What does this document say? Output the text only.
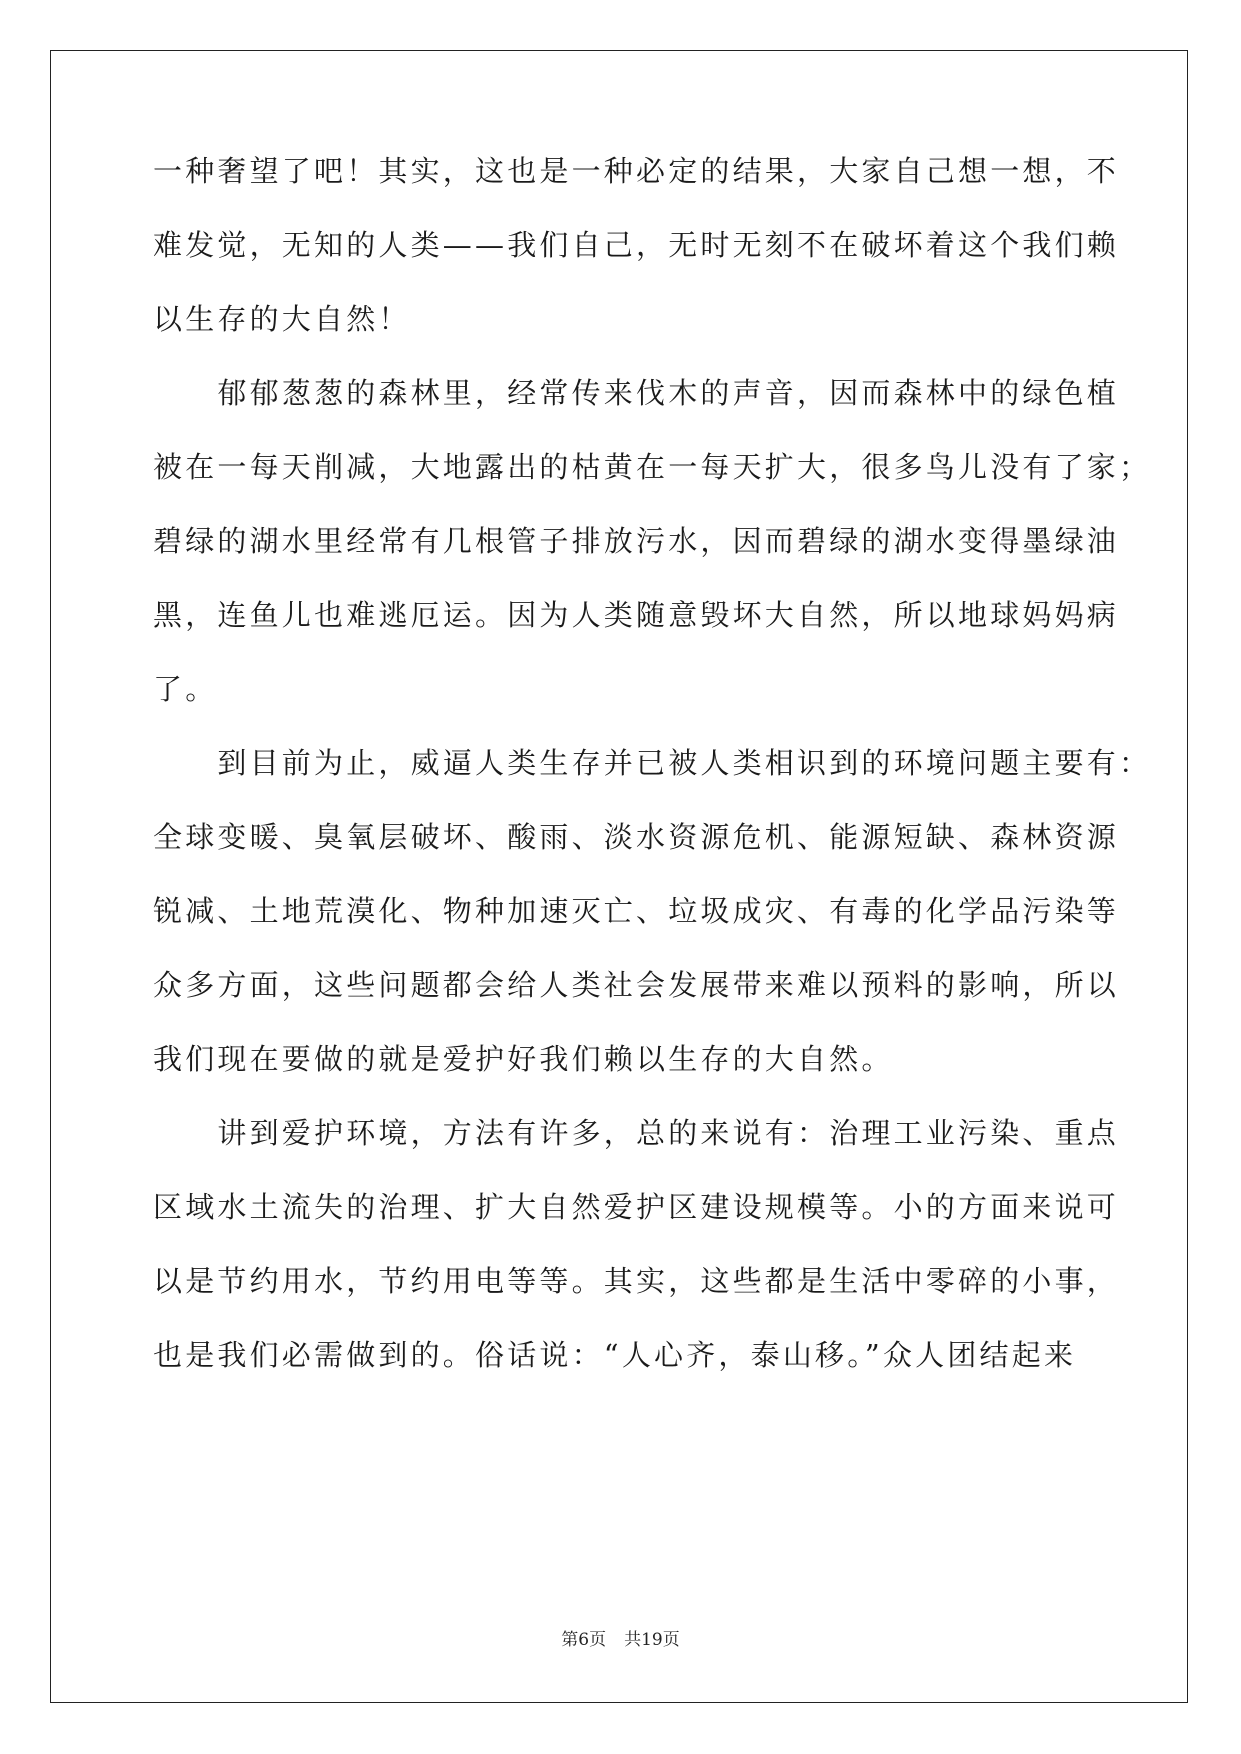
一种奢望了吧！其实，这也是一种必定的结果，大家自己想一想，不
难发觉，无知的人类——我们自己，无时无刻不在破坏着这个我们赖
以生存的大自然！
　　郁郁葱葱的森林里，经常传来伐木的声音，因而森林中的绿色植
被在一每天削减，大地露出的枯黄在一每天扩大，很多鸟儿没有了家；
碧绿的湖水里经常有几根管子排放污水，因而碧绿的湖水变得墨绿油
黑，连鱼儿也难逃厄运。因为人类随意毁坏大自然，所以地球妈妈病
了。
　　到目前为止，威逼人类生存并已被人类相识到的环境问题主要有：
全球变暖、臭氧层破坏、酸雨、淡水资源危机、能源短缺、森林资源
锐减、土地荒漠化、物种加速灭亡、垃圾成灾、有毒的化学品污染等
众多方面，这些问题都会给人类社会发展带来难以预料的影响，所以
我们现在要做的就是爱护好我们赖以生存的大自然。
　　讲到爱护环境，方法有许多，总的来说有：治理工业污染、重点
区域水土流失的治理、扩大自然爱护区建设规模等。小的方面来说可
以是节约用水，节约用电等等。其实，这些都是生活中零碎的小事，
也是我们必需做到的。俗话说：“人心齐，泰山移。”众人团结起来
第6页 共19页
